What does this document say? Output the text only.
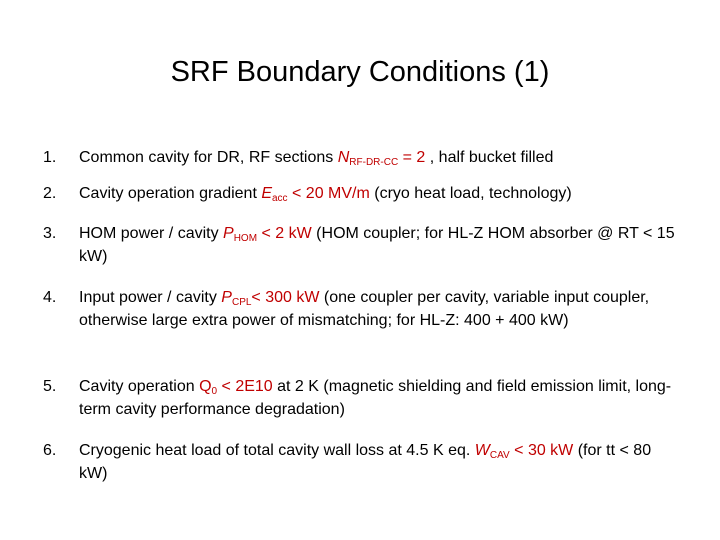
SRF Boundary Conditions (1)
1. Common cavity for DR, RF sections $N_{RF-DR-CC} = 2$ , half bucket filled
2. Cavity operation gradient $E_{acc} < 20$ MV/m (cryo heat load, technology)
3. HOM power / cavity $P_{HOM} < 2$ kW (HOM coupler; for HL-Z HOM absorber @ RT < 15 kW)
4. Input power / cavity $P_{CPL}< 300$ kW (one coupler per cavity, variable input coupler, otherwise large extra power of mismatching; for HL-Z: 400 + 400 kW)
5. Cavity operation $Q_0 < 2E10$ at 2 K (magnetic shielding and field emission limit, long-term cavity performance degradation)
6. Cryogenic heat load of total cavity wall loss at 4.5 K eq. $W_{CAV} < 30$ kW (for tt < 80 kW)
